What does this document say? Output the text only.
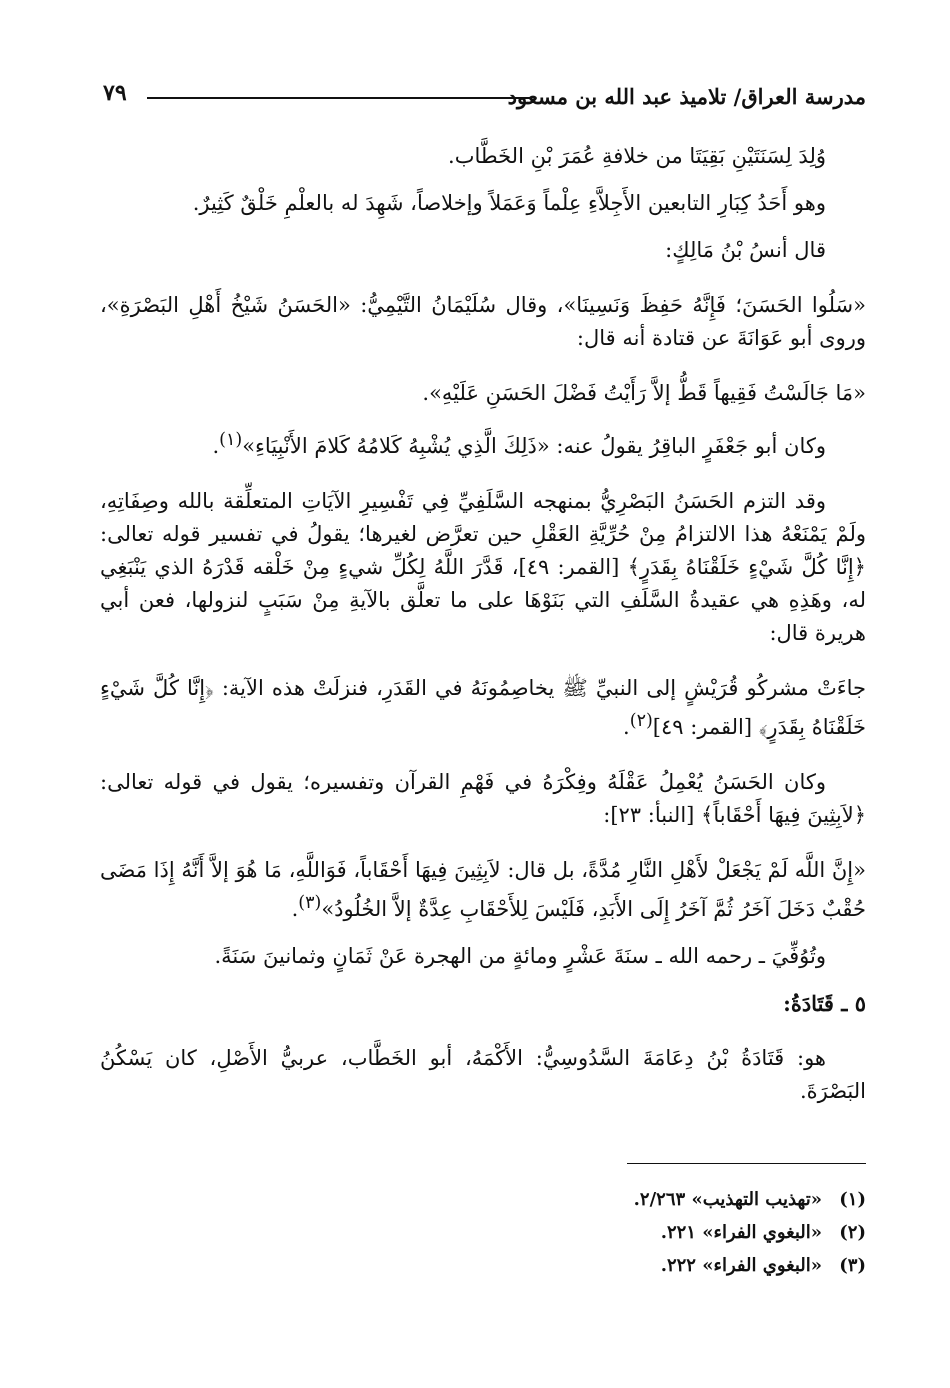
مدرسة العراق/ تلاميذ عبد الله بن مسعود
٧٩

وُلِدَ لِسَنَتَيْنِ بَقِيَتَا من خلافةِ عُمَرَ بْنِ الخَطَّاب.

وهو أَحَدُ كِبَارِ التابعين الأَجِلاَّءِ عِلْماً وَعَمَلاً وإخلاصاً، شَهِدَ له بالعلْمِ خَلْقٌ كَثِيرٌ.

قال أنسُ بْنُ مَالِكٍ:

«سَلُوا الحَسَنَ؛ فَإِنَّهُ حَفِظَ وَنَسِينَا»، وقال سُلَيْمَانُ التَّيْمِيُّ: «الحَسَنُ شَيْخُ أَهْلِ البَصْرَةِ»، وروى أبو عَوَانَةَ عن قتادة أنه قال:

«مَا جَالَسْتُ فَقِيهاً قَطُّ إلاَّ رَأَيْتُ فَضْلَ الحَسَنِ عَلَيْهِ».

وكان أبو جَعْفَرٍ الباقِرُ يقولُ عنه: «ذَلِكَ الَّذِي يُشْبِهُ كَلامُهُ كَلامَ الأَنْبِيَاءِ»$^{(١)}$.

وقد التزم الحَسَنُ البَصْرِيُّ بمنهجه السَّلَفِيِّ فِي تَفْسِيرِ الآيَاتِ المتعلِّقة بالله وصِفَاتِهِ، ولَمْ يَمْنَعْهُ هذا الالتزامُ مِنْ حُرِّيَّةِ العَقْلِ حين تعرَّض لغيرها؛ يقولُ في تفسير قوله تعالى: ﴿إِنَّا كُلَّ شَيْءٍ خَلَقْنَاهُ بِقَدَرٍ﴾ [القمر: ٤٩]، قَدَّرَ اللَّهُ لِكُلِّ شيءٍ مِنْ خَلْقه قَدْرَهُ الذي يَنْبَغِي له، وهَذِهِ هي عقيدةُ السَّلَفِ التي بَنَوْهَا على ما تعلَّق بالآيةِ مِنْ سَبَبٍ لنزولها، فعن أبي هريرة قال:

جاءَتْ مشركُو قُرَيْشٍ إلى النبيِّ ﷺ يخاصِمُونَهُ في القَدَرِ، فنزلَتْ هذه الآية: ﴿إِنَّا كُلَّ شَيْءٍ خَلَقْنَاهُ بِقَدَرٍ﴾ [القمر: ٤٩]$^{(٢)}$.

وكان الحَسَنُ يُعْمِلُ عَقْلَهُ وفِكْرَهُ في فَهْمِ القرآن وتفسيره؛ يقول في قوله تعالى: ﴿لاَبِثِينَ فِيهَا أَحْقَاباً﴾ [النبأ: ٢٣]:

«إِنَّ اللَّه لَمْ يَجْعَلْ لأَهْلِ النَّارِ مُدَّةً، بل قال: لاَبِثِينَ فِيهَا أَحْقَاباً، فَوَاللَّهِ، مَا هُوَ إلاَّ أَنَّهُ إِذَا مَضَى حُقْبٌ دَخَلَ آخَرُ ثُمَّ آخَرُ إِلَى الأَبَدِ، فَلَيْسَ لِلأَحْقَابِ عِدَّةٌ إلاَّ الخُلُودُ»$^{(٣)}$.

وتُوُفِّيَ ـ رحمه الله ـ سنَةَ عَشْرٍ ومائةٍ من الهجرة عَنْ ثَمَانٍ وثمانينَ سَنَةً.

٥ ـ قَتَادَةُ:

هو: قَتَادَةُ بْنُ دِعَامَةَ السَّدُوسِيُّ: الأَكْمَهُ، أبو الخَطَّاب، عربيُّ الأَصْلِ، كان يَسْكُنُ البَصْرَةَ.

(١)«تهذيب التهذيب» ٢/٢٦٣.
(٢)«البغوي الفراء» ٢٢١.
(٣)«البغوي الفراء» ٢٢٢.
